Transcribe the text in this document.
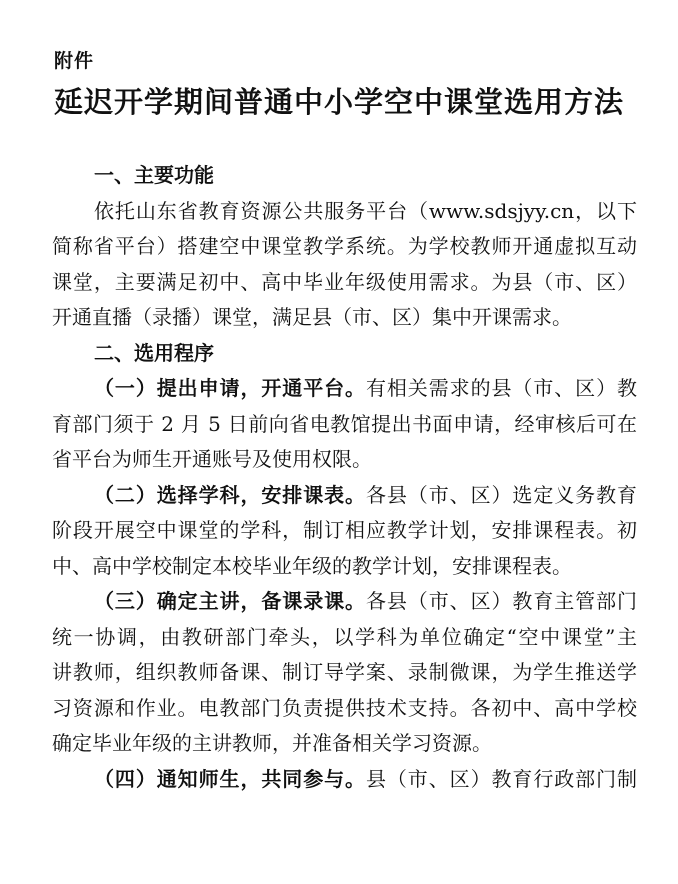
附件
延迟开学期间普通中小学空中课堂选用方法
一、主要功能
依托山东省教育资源公共服务平台（www.sdsjyy.cn，以下
简称省平台）搭建空中课堂教学系统。为学校教师开通虚拟互动
课堂，主要满足初中、高中毕业年级使用需求。为县（市、区）
开通直播（录播）课堂，满足县（市、区）集中开课需求。
二、选用程序
（一）提出申请，开通平台。有相关需求的县（市、区）教
育部门须于 2 月 5 日前向省电教馆提出书面申请，经审核后可在
省平台为师生开通账号及使用权限。
（二）选择学科，安排课表。各县（市、区）选定义务教育
阶段开展空中课堂的学科，制订相应教学计划，安排课程表。初
中、高中学校制定本校毕业年级的教学计划，安排课程表。
（三）确定主讲，备课录课。各县（市、区）教育主管部门
统一协调，由教研部门牵头，以学科为单位确定“空中课堂”主
讲教师，组织教师备课、制订导学案、录制微课，为学生推送学
习资源和作业。电教部门负责提供技术支持。各初中、高中学校
确定毕业年级的主讲教师，并准备相关学习资源。
（四）通知师生，共同参与。县（市、区）教育行政部门制
